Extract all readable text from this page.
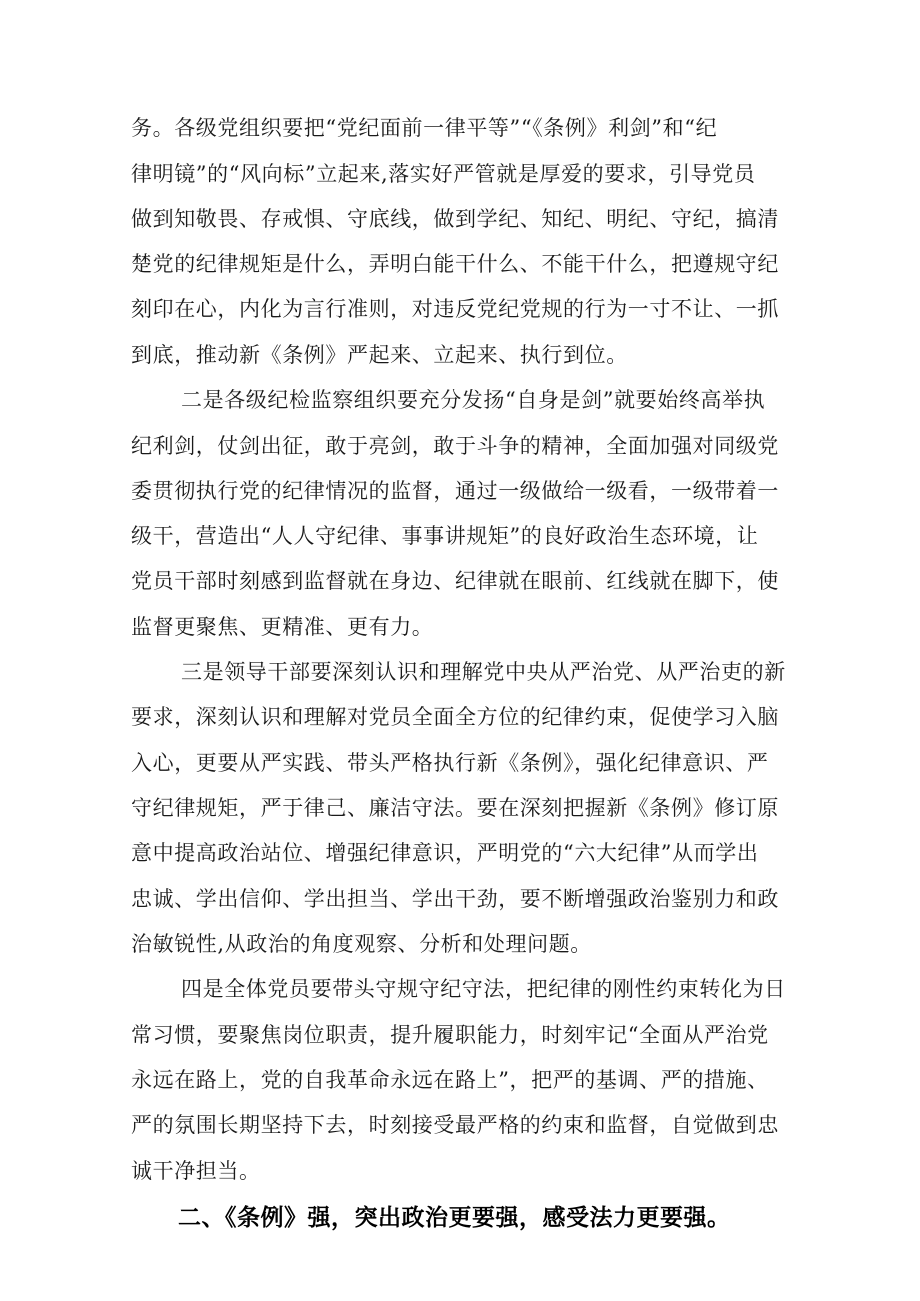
务。各级党组织要把“党纪面前一律平等”“《条例》利剑”和“纪
律明镜”的“风向标”立起来,落实好严管就是厚爱的要求，引导党员
做到知敬畏、存戒惧、守底线，做到学纪、知纪、明纪、守纪，搞清
楚党的纪律规矩是什么，弄明白能干什么、不能干什么，把遵规守纪
刻印在心，内化为言行准则，对违反党纪党规的行为一寸不让、一抓
到底，推动新《条例》严起来、立起来、执行到位。
二是各级纪检监察组织要充分发扬“自身是剑”就要始终高举执
纪利剑，仗剑出征，敢于亮剑，敢于斗争的精神，全面加强对同级党
委贯彻执行党的纪律情况的监督，通过一级做给一级看，一级带着一
级干，营造出“人人守纪律、事事讲规矩”的良好政治生态环境，让
党员干部时刻感到监督就在身边、纪律就在眼前、红线就在脚下，使
监督更聚焦、更精准、更有力。
三是领导干部要深刻认识和理解党中央从严治党、从严治吏的新
要求，深刻认识和理解对党员全面全方位的纪律约束，促使学习入脑
入心，更要从严实践、带头严格执行新《条例》，强化纪律意识、严
守纪律规矩，严于律己、廉洁守法。要在深刻把握新《条例》修订原
意中提高政治站位、增强纪律意识，严明党的“六大纪律”从而学出
忠诚、学出信仰、学出担当、学出干劲，要不断增强政治鉴别力和政
治敏锐性,从政治的角度观察、分析和处理问题。
四是全体党员要带头守规守纪守法，把纪律的刚性约束转化为日
常习惯，要聚焦岗位职责，提升履职能力，时刻牢记“全面从严治党
永远在路上，党的自我革命永远在路上”，把严的基调、严的措施、
严的氛围长期坚持下去，时刻接受最严格的约束和监督，自觉做到忠
诚干净担当。
二、《条例》强，突出政治更要强，感受法力更要强。
